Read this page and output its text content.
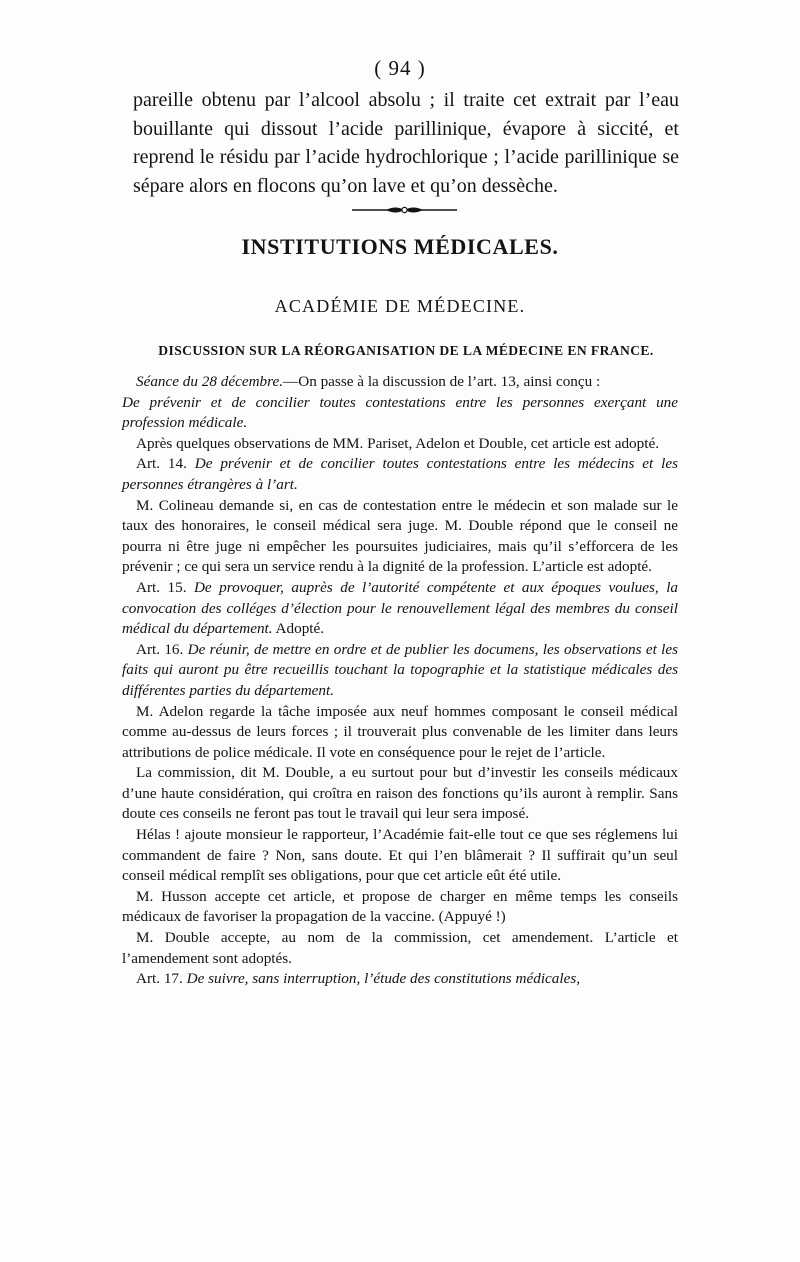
( 94 )

pareille obtenu par l’alcool absolu ; il traite cet extrait par l’eau bouillante qui dissout l’acide parillinique, évapore à siccité, et reprend le résidu par l’acide hydrochlorique ; l’acide parillinique se sépare alors en flocons qu’on lave et qu’on dessèche.

INSTITUTIONS MÉDICALES.
ACADÉMIE DE MÉDECINE.
DISCUSSION SUR LA RÉORGANISATION DE LA MÉDECINE EN FRANCE.

Séance du 28 décembre.—On passe à la discussion de l’art. 13, ainsi conçu :

De prévenir et de concilier toutes contestations entre les personnes exerçant une profession médicale.

Après quelques observations de MM. Pariset, Adelon et Double, cet article est adopté.

Art. 14. De prévenir et de concilier toutes contestations entre les médecins et les personnes étrangères à l’art.

M. Colineau demande si, en cas de contestation entre le médecin et son malade sur le taux des honoraires, le conseil médical sera juge. M. Double répond que le conseil ne pourra ni être juge ni empêcher les poursuites judiciaires, mais qu’il s’efforcera de les prévenir ; ce qui sera un service rendu à la dignité de la profession. L’article est adopté.

Art. 15. De provoquer, auprès de l’autorité compétente et aux époques voulues, la convocation des colléges d’élection pour le renouvellement légal des membres du conseil médical du département. Adopté.

Art. 16. De réunir, de mettre en ordre et de publier les documens, les observations et les faits qui auront pu être recueillis touchant la topographie et la statistique médicales des différentes parties du département.

M. Adelon regarde la tâche imposée aux neuf hommes composant le conseil médical comme au-dessus de leurs forces ; il trouverait plus convenable de les limiter dans leurs attributions de police médicale. Il vote en conséquence pour le rejet de l’article.

La commission, dit M. Double, a eu surtout pour but d’investir les conseils médicaux d’une haute considération, qui croîtra en raison des fonctions qu’ils auront à remplir. Sans doute ces conseils ne feront pas tout le travail qui leur sera imposé.

Hélas ! ajoute monsieur le rapporteur, l’Académie fait-elle tout ce que ses réglemens lui commandent de faire ? Non, sans doute. Et qui l’en blâmerait ? Il suffirait qu’un seul conseil médical remplît ses obligations, pour que cet article eût été utile.

M. Husson accepte cet article, et propose de charger en même temps les conseils médicaux de favoriser la propagation de la vaccine. (Appuyé !)

M. Double accepte, au nom de la commission, cet amendement. L’article et l’amendement sont adoptés.

Art. 17. De suivre, sans interruption, l’étude des constitutions médicales,
